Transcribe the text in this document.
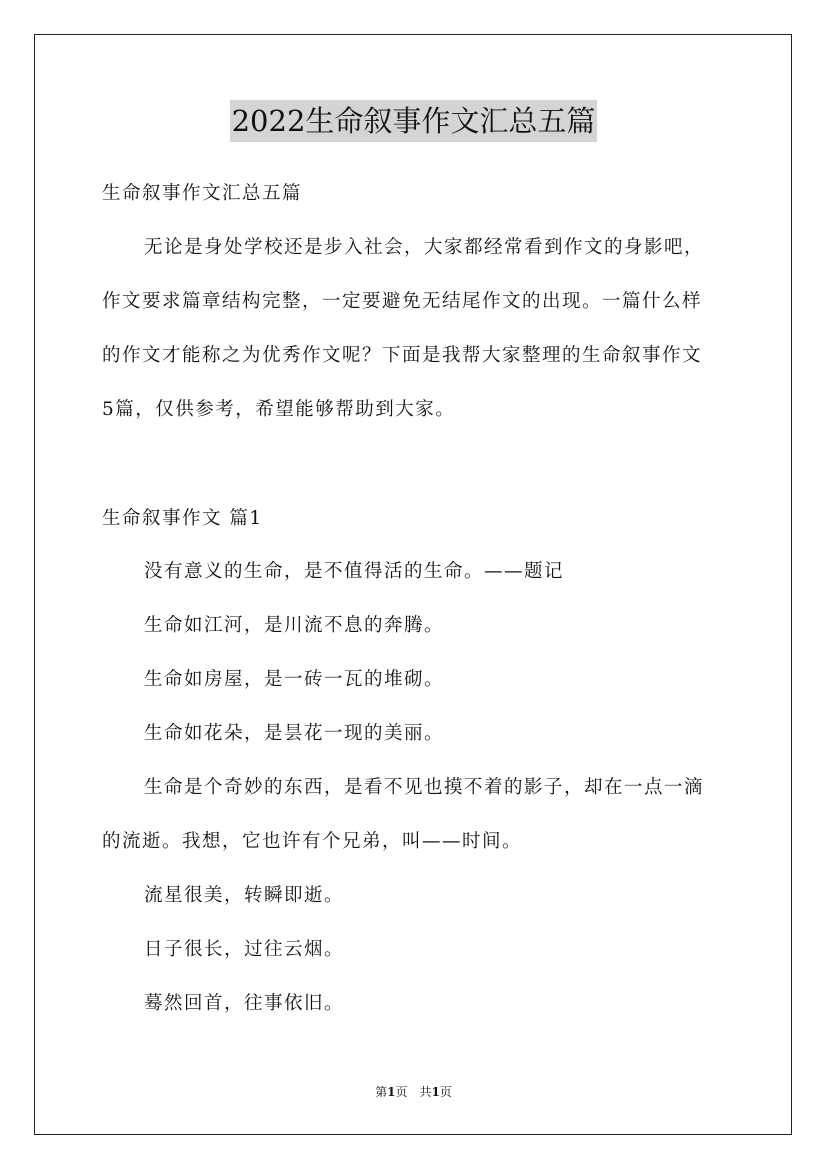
2022生命叙事作文汇总五篇
生命叙事作文汇总五篇
无论是身处学校还是步入社会，大家都经常看到作文的身影吧，
作文要求篇章结构完整，一定要避免无结尾作文的出现。一篇什么样
的作文才能称之为优秀作文呢？下面是我帮大家整理的生命叙事作文
5篇，仅供参考，希望能够帮助到大家。
生命叙事作文 篇1
没有意义的生命，是不值得活的生命。——题记
生命如江河，是川流不息的奔腾。
生命如房屋，是一砖一瓦的堆砌。
生命如花朵，是昙花一现的美丽。
生命是个奇妙的东西，是看不见也摸不着的影子，却在一点一滴
的流逝。我想，它也许有个兄弟，叫——时间。
流星很美，转瞬即逝。
日子很长，过往云烟。
蓦然回首，往事依旧。
第1页　共1页
